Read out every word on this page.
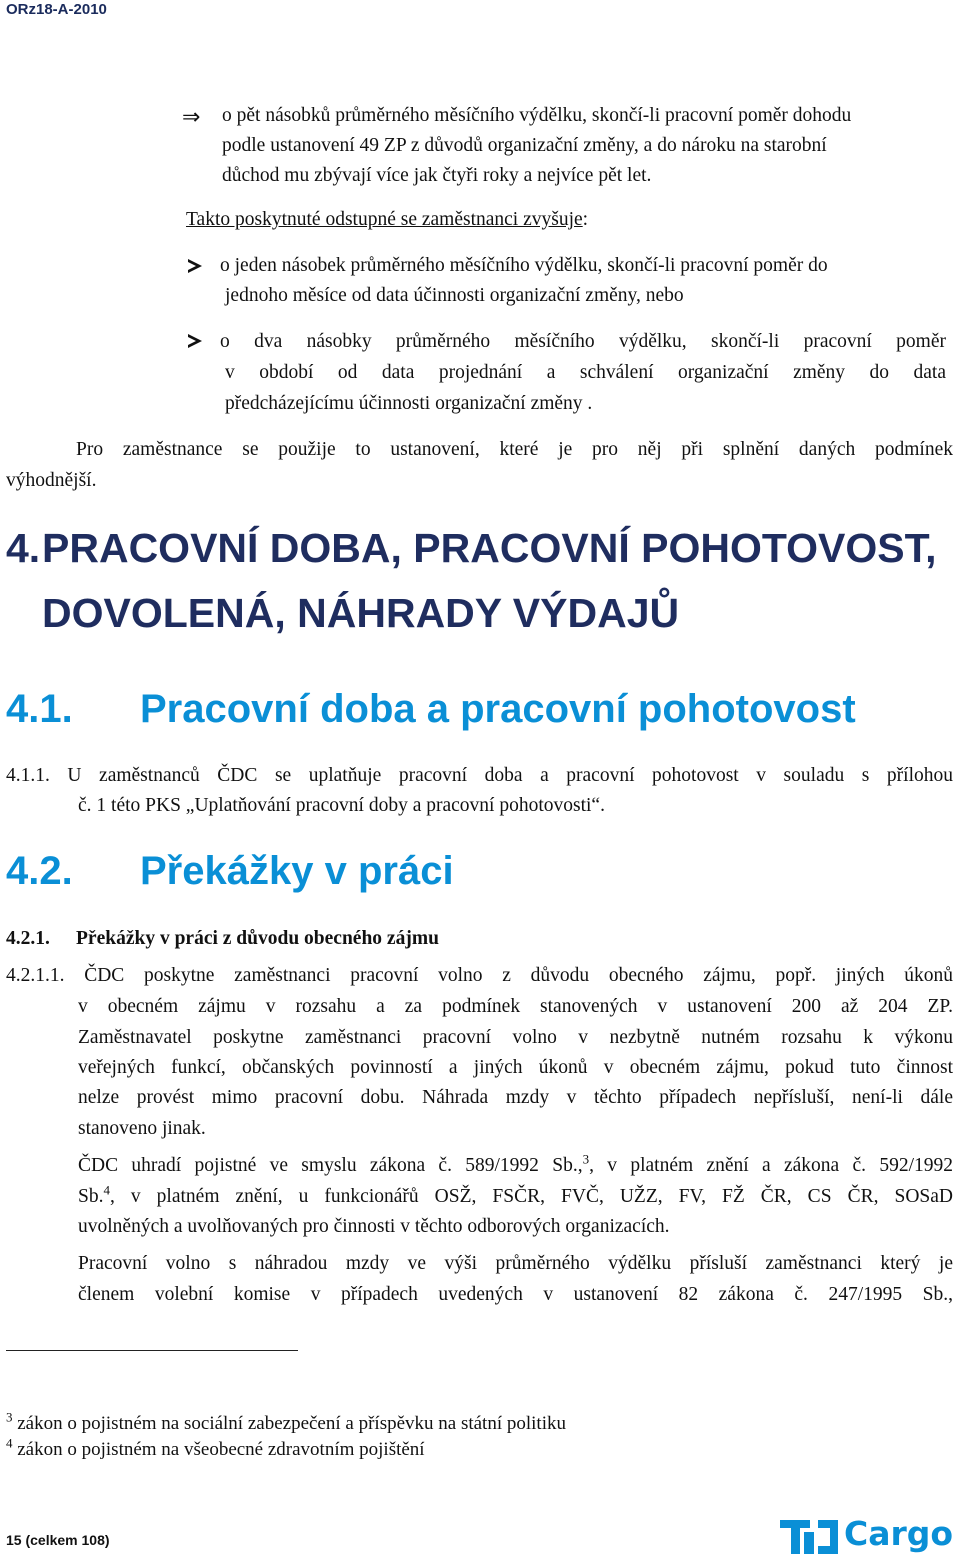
ORz18-A-2010
⇒ o pět násobků průměrného měsíčního výdělku, skončí-li pracovní poměr dohodu
podle ustanovení 49 ZP z důvodů organizační změny, a do nároku na starobní
důchod mu zbývají více jak čtyři roky a nejvíce pět let.
Takto poskytnuté odstupné se zaměstnanci zvyšuje:
o jeden násobek průměrného měsíčního výdělku, skončí-li pracovní poměr do
jednoho měsíce od data účinnosti organizační změny, nebo
o dva násobky průměrného měsíčního výdělku, skončí-li pracovní poměr
v období od data projednání a schválení organizační změny do data
předcházejícímu účinnosti organizační změny .
Pro zaměstnance se použije to ustanovení, které je pro něj při splnění daných podmínek
výhodnější.
4. PRACOVNÍ DOBA, PRACOVNÍ POHOTOVOST,
DOVOLENÁ, NÁHRADY VÝDAJŮ
4.1. Pracovní doba a pracovní pohotovost
4.1.1. U zaměstnanců ČDC se uplatňuje pracovní doba a pracovní pohotovost v souladu s přílohou
č. 1 této PKS „Uplatňování pracovní doby a pracovní pohotovosti“.
4.2. Překážky v práci
4.2.1. Překážky v práci z důvodu obecného zájmu
4.2.1.1. ČDC poskytne zaměstnanci pracovní volno z důvodu obecného zájmu, popř. jiných úkonů
v obecném zájmu v rozsahu a za podmínek stanovených v ustanovení 200 až 204 ZP.
Zaměstnavatel poskytne zaměstnanci pracovní volno v nezbytně nutném rozsahu k výkonu
veřejných funkcí, občanských povinností a jiných úkonů v obecném zájmu, pokud tuto činnost
nelze provést mimo pracovní dobu. Náhrada mzdy v těchto případech nepřísluší, není-li dále
stanoveno jinak.
ČDC uhradí pojistné ve smyslu zákona č. 589/1992 Sb.,$^3$, v platném znění a zákona č. 592/1992
Sb.$^4$, v platném znění, u funkcionářů OSŽ, FSČR, FVČ, UŽZ, FV, FŽ ČR, CS ČR, SOSaD
uvolněných a uvolňovaných pro činnosti v těchto odborových organizacích.
Pracovní volno s náhradou mzdy ve výši průměrného výdělku přísluší zaměstnanci který je
členem volební komise v případech uvedených v ustanovení 82 zákona č. 247/1995 Sb.,
$^3$ zákon o pojistném na sociální zabezpečení a příspěvku na státní politiku
$^4$ zákon o pojistném na všeobecné zdravotním pojištění
15 (celkem 108)	Cargo
